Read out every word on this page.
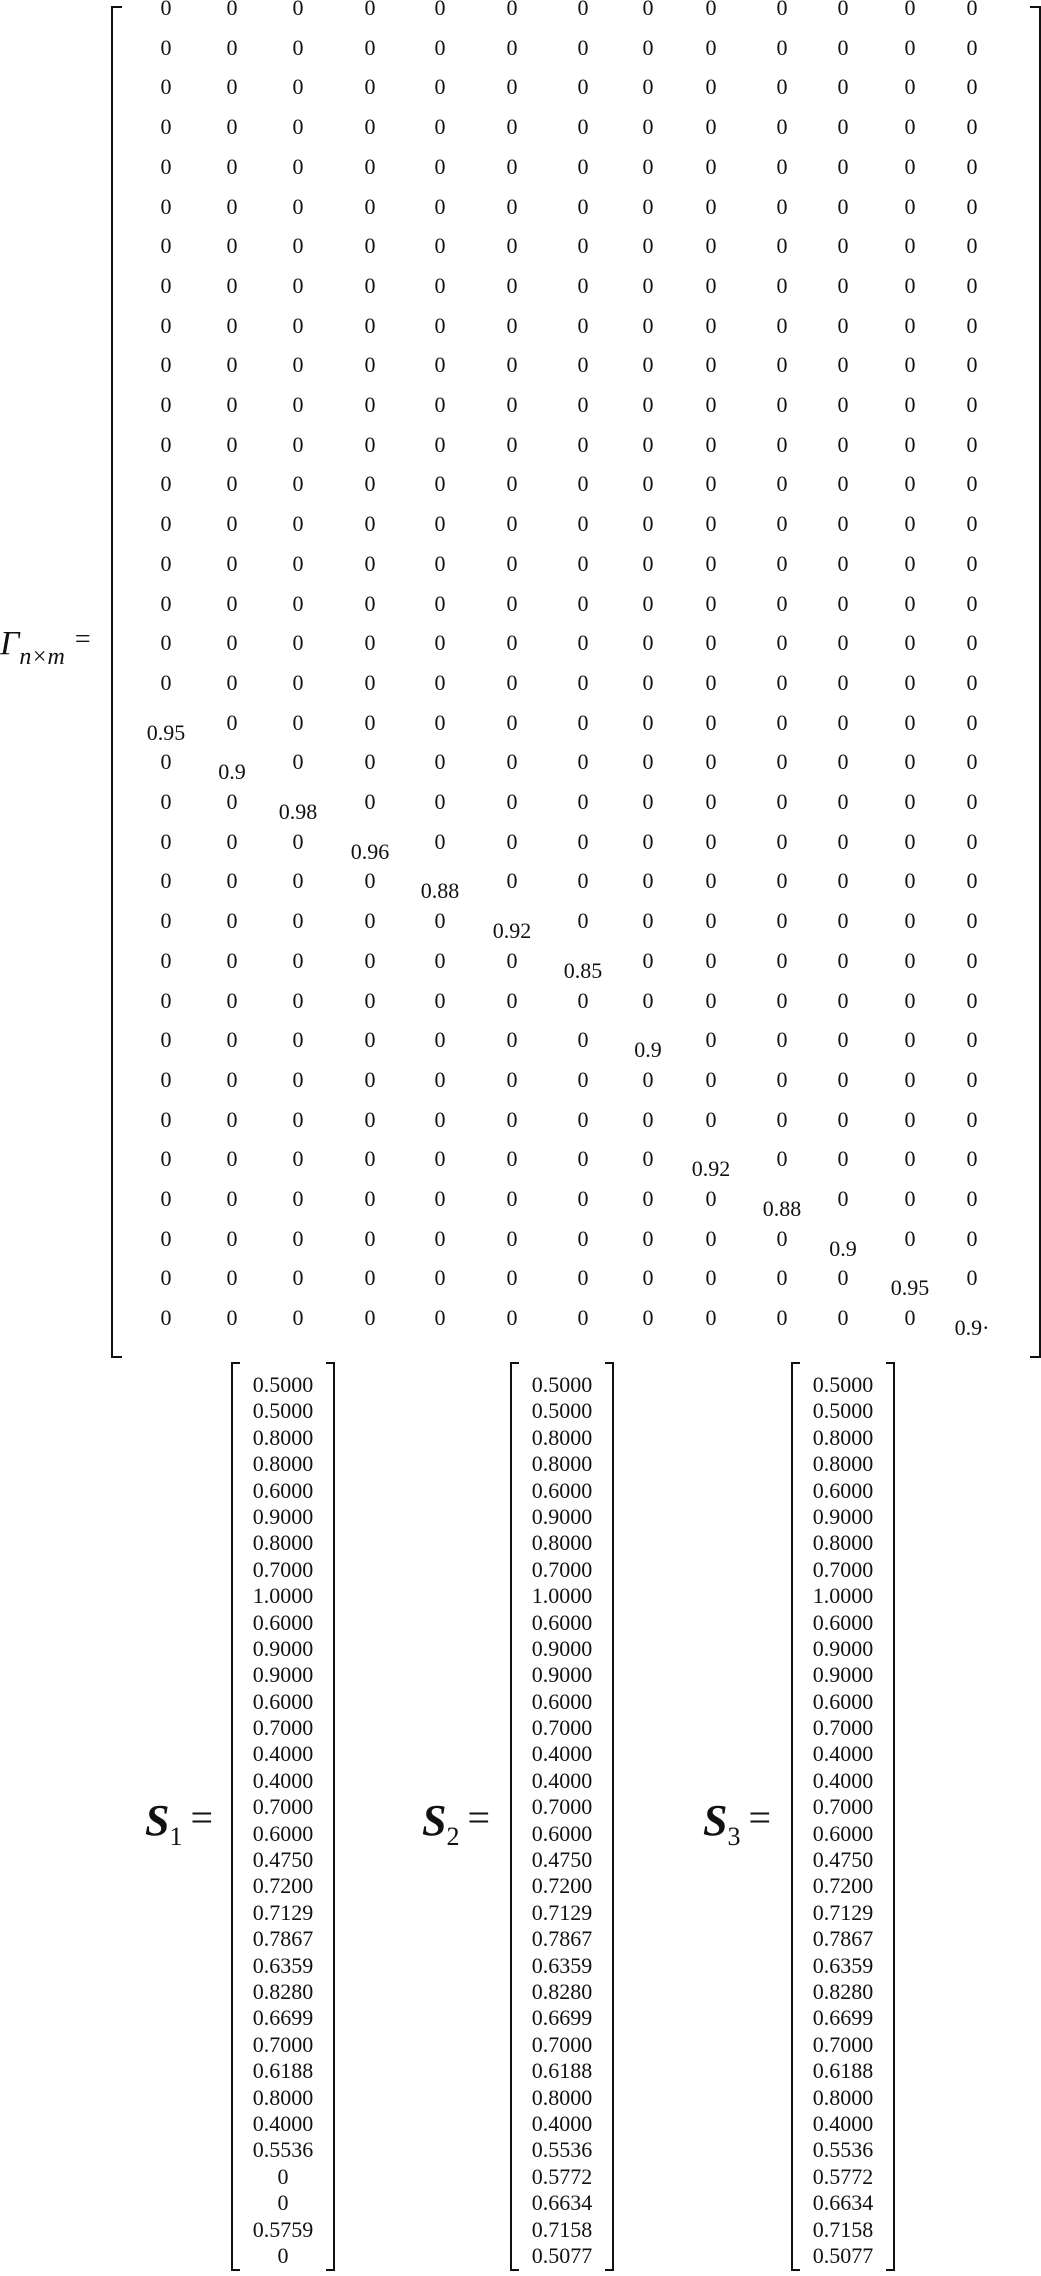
$\Gamma_{n\times m}=$
0	0	0	0	0	0	0 0 0	0 0	0 0
0	0	0	0	0	0	0 0 0	0 0	0 0
0	0	0	0	0	0	0 0 0	0 0	0 0
0	0	0	0	0	0	0 0 0	0 0	0 0
0	0	0	0	0	0	0 0 0	0 0	0 0
0	0	0	0	0	0	0 0 0	0 0	0 0
0	0	0	0	0	0	0 0 0	0 0	0 0
0	0	0	0	0	0	0 0 0	0 0	0 0
0	0	0	0	0	0	0 0 0	0 0	0 0
0	0	0	0	0	0	0 0 0	0 0	0 0
0	0	0	0	0	0	0 0 0	0 0	0 0
0	0	0	0	0	0	0 0 0	0 0	0 0
0	0	0	0	0	0	0 0 0	0 0	0 0
0	0	0	0	0	0	0 0 0	0 0	0 0
0	0	0	0	0	0	0 0 0	0 0	0 0
0	0	0	0	0	0	0 0 0	0 0	0 0
0	0	0	0	0	0	0 0 0	0 0	0 0
0	0	0	0	0	0	0 0 0	0 0	0 0
0.95 0	0	0	0	0	0 0 0	0 0	0 0
0 0.9 0	0	0	0	0 0 0	0 0	0 0
0	0 0.98 0	0	0	0 0 0	0 0	0 0
0	0	0 0.96 0	0	0 0 0	0 0	0 0
0	0	0	0 0.88 0	0 0 0	0 0	0 0
0	0	0	0	0 0.92 0 0 0	0 0	0 0
0	0	0	0	0	0 0.85 0 0	0 0	0 0
0	0	0	0	0	0	0 0 0	0 0	0 0
0	0	0	0	0	0	0 0.9 0	0 0	0 0
0	0	0	0	0	0	0 0 0	0 0	0 0
0	0	0	0	0	0	0 0 0	0 0	0 0
0	0	0	0	0	0	0 0 0.92 0 0	0 0
0	0	0	0	0	0	0 0 0 0.88 0	0 0
0	0	0	0	0	0	0 0 0	0 0.9 0 0
0	0	0	0	0	0	0 0 0	0 0 0.95 0
0	0	0	0	0	0	0 0 0	0 0	0 0.9·
$S_1$ =
0.5000
0.5000
0.8000
0.8000
0.6000
0.9000
0.8000
0.7000
1.0000
0.6000
0.9000
0.9000
0.6000
0.7000
0.4000
0.4000
0.7000
0.6000
0.4750
0.7200
0.7129
0.7867
0.6359
0.8280
0.6699
0.7000
0.6188
0.8000
0.4000
0.5536
0
0
0.5759
0
$S_2$ =
0.5000
0.5000
0.8000
0.8000
0.6000
0.9000
0.8000
0.7000
1.0000
0.6000
0.9000
0.9000
0.6000
0.7000
0.4000
0.4000
0.7000
0.6000
0.4750
0.7200
0.7129
0.7867
0.6359
0.8280
0.6699
0.7000
0.6188
0.8000
0.4000
0.5536
0.5772
0.6634
0.7158
0.5077
$S_3$ =
0.5000
0.5000
0.8000
0.8000
0.6000
0.9000
0.8000
0.7000
1.0000
0.6000
0.9000
0.9000
0.6000
0.7000
0.4000
0.4000
0.7000
0.6000
0.4750
0.7200
0.7129
0.7867
0.6359
0.8280
0.6699
0.7000
0.6188
0.8000
0.4000
0.5536
0.5772
0.6634
0.7158
0.5077
